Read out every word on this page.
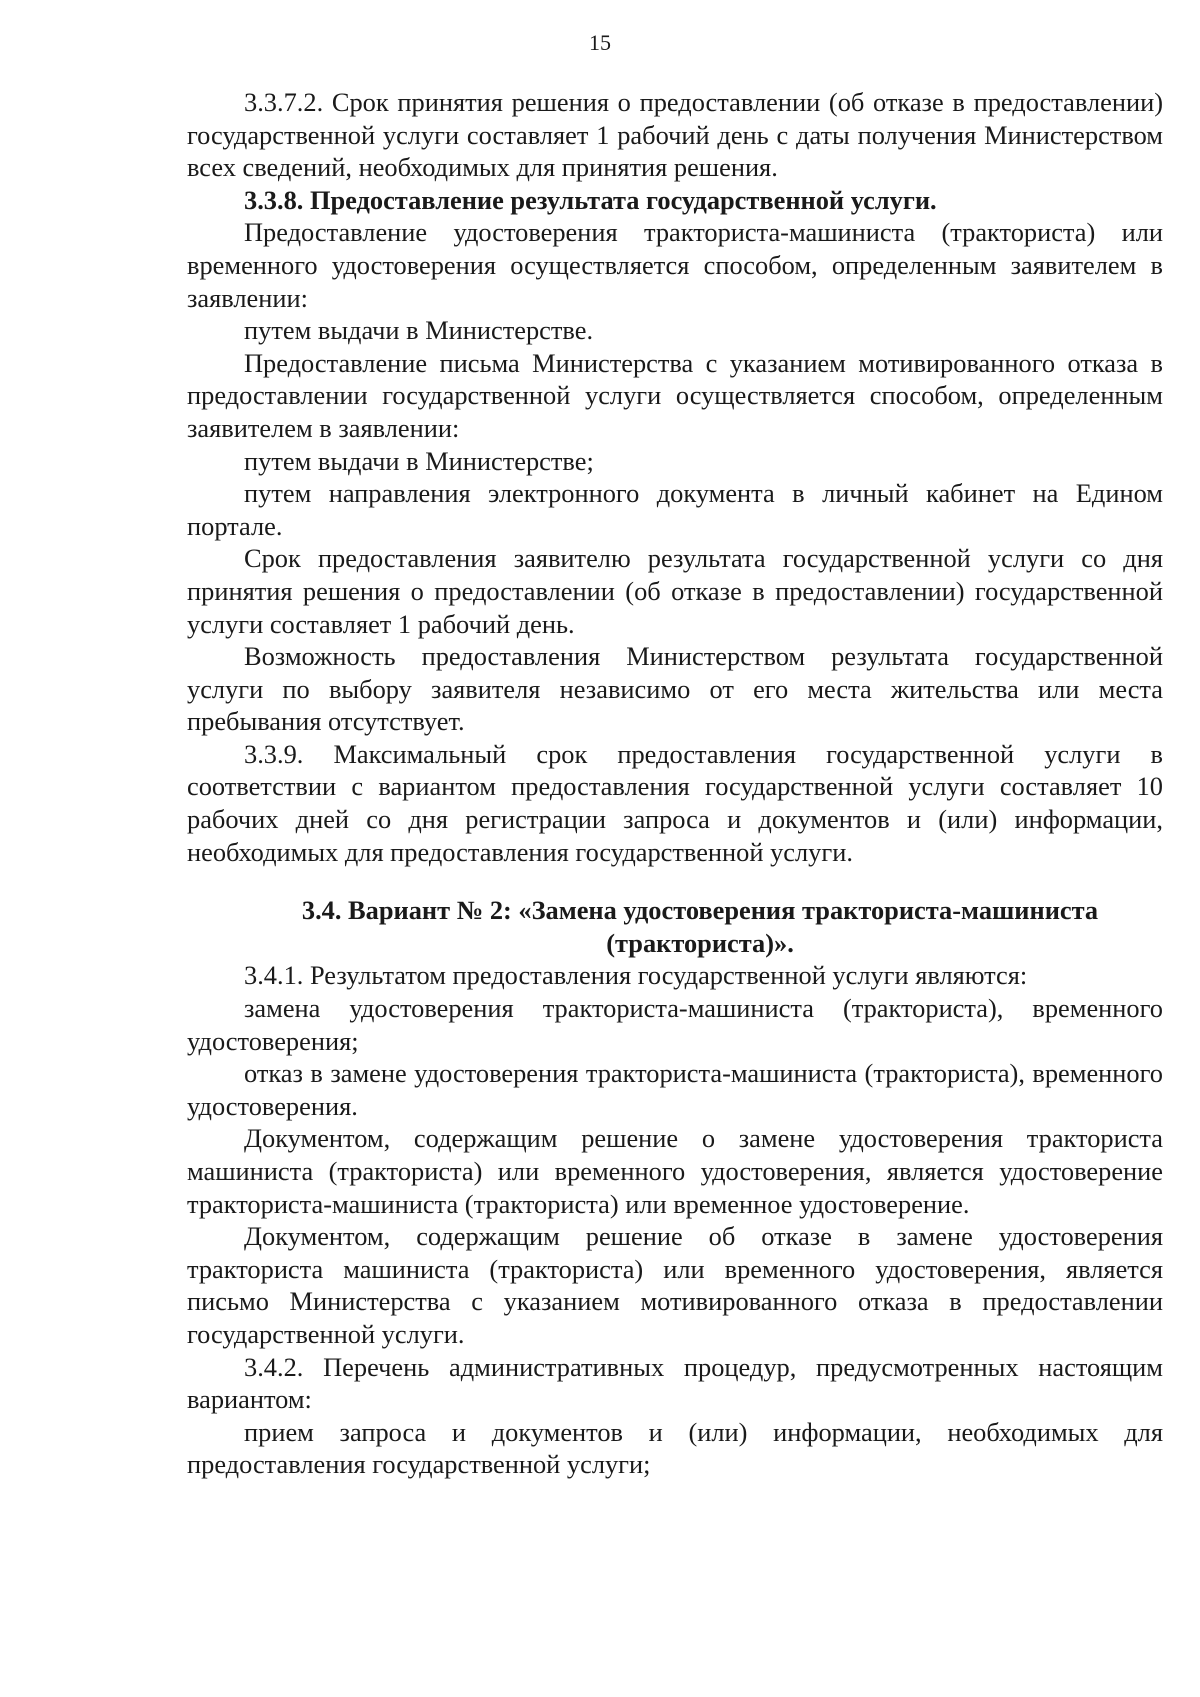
15

3.3.7.2. Срок принятия решения о предоставлении (об отказе в предоставлении) государственной услуги составляет 1 рабочий день с даты получения Министерством всех сведений, необходимых для принятия решения.

3.3.8. Предоставление результата государственной услуги.

Предоставление удостоверения тракториста-машиниста (тракториста) или временного удостоверения осуществляется способом, определенным заявителем в заявлении:

путем выдачи в Министерстве.

Предоставление письма Министерства с указанием мотивированного отказа в предоставлении государственной услуги осуществляется способом, определенным заявителем в заявлении:

путем выдачи в Министерстве;

путем направления электронного документа в личный кабинет на Едином портале.

Срок предоставления заявителю результата государственной услуги со дня принятия решения о предоставлении (об отказе в предоставлении) государственной услуги составляет 1 рабочий день.

Возможность предоставления Министерством результата государственной услуги по выбору заявителя независимо от его места жительства или места пребывания отсутствует.

3.3.9. Максимальный срок предоставления государственной услуги в соответствии с вариантом предоставления государственной услуги составляет 10 рабочих дней со дня регистрации запроса и документов и (или) информации, необходимых для предоставления государственной услуги.

3.4. Вариант № 2: «Замена удостоверения тракториста-машиниста (тракториста)».

3.4.1. Результатом предоставления государственной услуги являются:

замена удостоверения тракториста-машиниста (тракториста), временного удостоверения;

отказ в замене удостоверения тракториста-машиниста (тракториста), временного удостоверения.

Документом, содержащим решение о замене удостоверения тракториста машиниста (тракториста) или временного удостоверения, является удостоверение тракториста-машиниста (тракториста) или временное удостоверение.

Документом, содержащим решение об отказе в замене удостоверения тракториста машиниста (тракториста) или временного удостоверения, является письмо Министерства с указанием мотивированного отказа в предоставлении государственной услуги.

3.4.2. Перечень административных процедур, предусмотренных настоящим вариантом:

прием запроса и документов и (или) информации, необходимых для предоставления государственной услуги;
